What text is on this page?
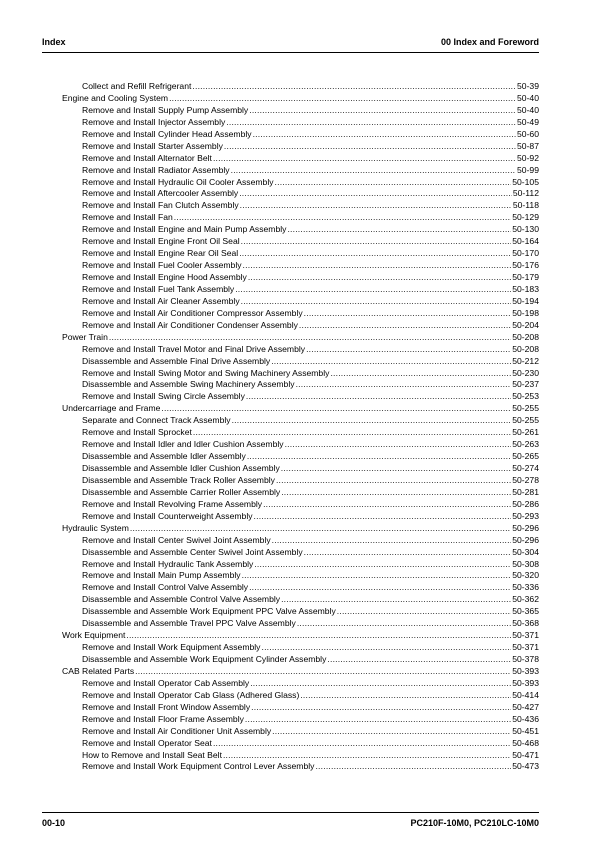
Index	00 Index and Foreword
Collect and Refill Refrigerant .....	50-39
Engine and Cooling System .....	50-40
Remove and Install Supply Pump Assembly .....	50-40
Remove and Install Injector Assembly .....	50-49
Remove and Install Cylinder Head Assembly .....	50-60
Remove and Install Starter Assembly .....	50-87
Remove and Install Alternator Belt .....	50-92
Remove and Install Radiator Assembly .....	50-99
Remove and Install Hydraulic Oil Cooler Assembly .....	50-105
Remove and Install Aftercooler Assembly .....	50-112
Remove and Install Fan Clutch Assembly .....	50-118
Remove and Install Fan .....	50-129
Remove and Install Engine and Main Pump Assembly .....	50-130
Remove and Install Engine Front Oil Seal .....	50-164
Remove and Install Engine Rear Oil Seal .....	50-170
Remove and Install Fuel Cooler Assembly .....	50-176
Remove and Install Engine Hood Assembly .....	50-179
Remove and Install Fuel Tank Assembly .....	50-183
Remove and Install Air Cleaner Assembly .....	50-194
Remove and Install Air Conditioner Compressor Assembly .....	50-198
Remove and Install Air Conditioner Condenser Assembly .....	50-204
Power Train .....	50-208
Remove and Install Travel Motor and Final Drive Assembly .....	50-208
Disassemble and Assemble Final Drive Assembly .....	50-212
Remove and Install Swing Motor and Swing Machinery Assembly .....	50-230
Disassemble and Assemble Swing Machinery Assembly .....	50-237
Remove and Install Swing Circle Assembly .....	50-253
Undercarriage and Frame .....	50-255
Separate and Connect Track Assembly .....	50-255
Remove and Install Sprocket .....	50-261
Remove and Install Idler and Idler Cushion Assembly .....	50-263
Disassemble and Assemble Idler Assembly .....	50-265
Disassemble and Assemble Idler Cushion Assembly .....	50-274
Disassemble and Assemble Track Roller Assembly .....	50-278
Disassemble and Assemble Carrier Roller Assembly .....	50-281
Remove and Install Revolving Frame Assembly .....	50-286
Remove and Install Counterweight Assembly .....	50-293
Hydraulic System .....	50-296
Remove and Install Center Swivel Joint Assembly .....	50-296
Disassemble and Assemble Center Swivel Joint Assembly .....	50-304
Remove and Install Hydraulic Tank Assembly .....	50-308
Remove and Install Main Pump Assembly .....	50-320
Remove and Install Control Valve Assembly .....	50-336
Disassemble and Assemble Control Valve Assembly .....	50-362
Disassemble and Assemble Work Equipment PPC Valve Assembly .....	50-365
Disassemble and Assemble Travel PPC Valve Assembly .....	50-368
Work Equipment .....	50-371
Remove and Install Work Equipment Assembly .....	50-371
Disassemble and Assemble Work Equipment Cylinder Assembly .....	50-378
CAB Related Parts .....	50-393
Remove and Install Operator Cab Assembly .....	50-393
Remove and Install Operator Cab Glass (Adhered Glass) .....	50-414
Remove and Install Front Window Assembly .....	50-427
Remove and Install Floor Frame Assembly .....	50-436
Remove and Install Air Conditioner Unit Assembly .....	50-451
Remove and Install Operator Seat .....	50-468
How to Remove and Install Seat Belt .....	50-471
Remove and Install Work Equipment Control Lever Assembly .....	50-473
00-10	PC210F-10M0, PC210LC-10M0
